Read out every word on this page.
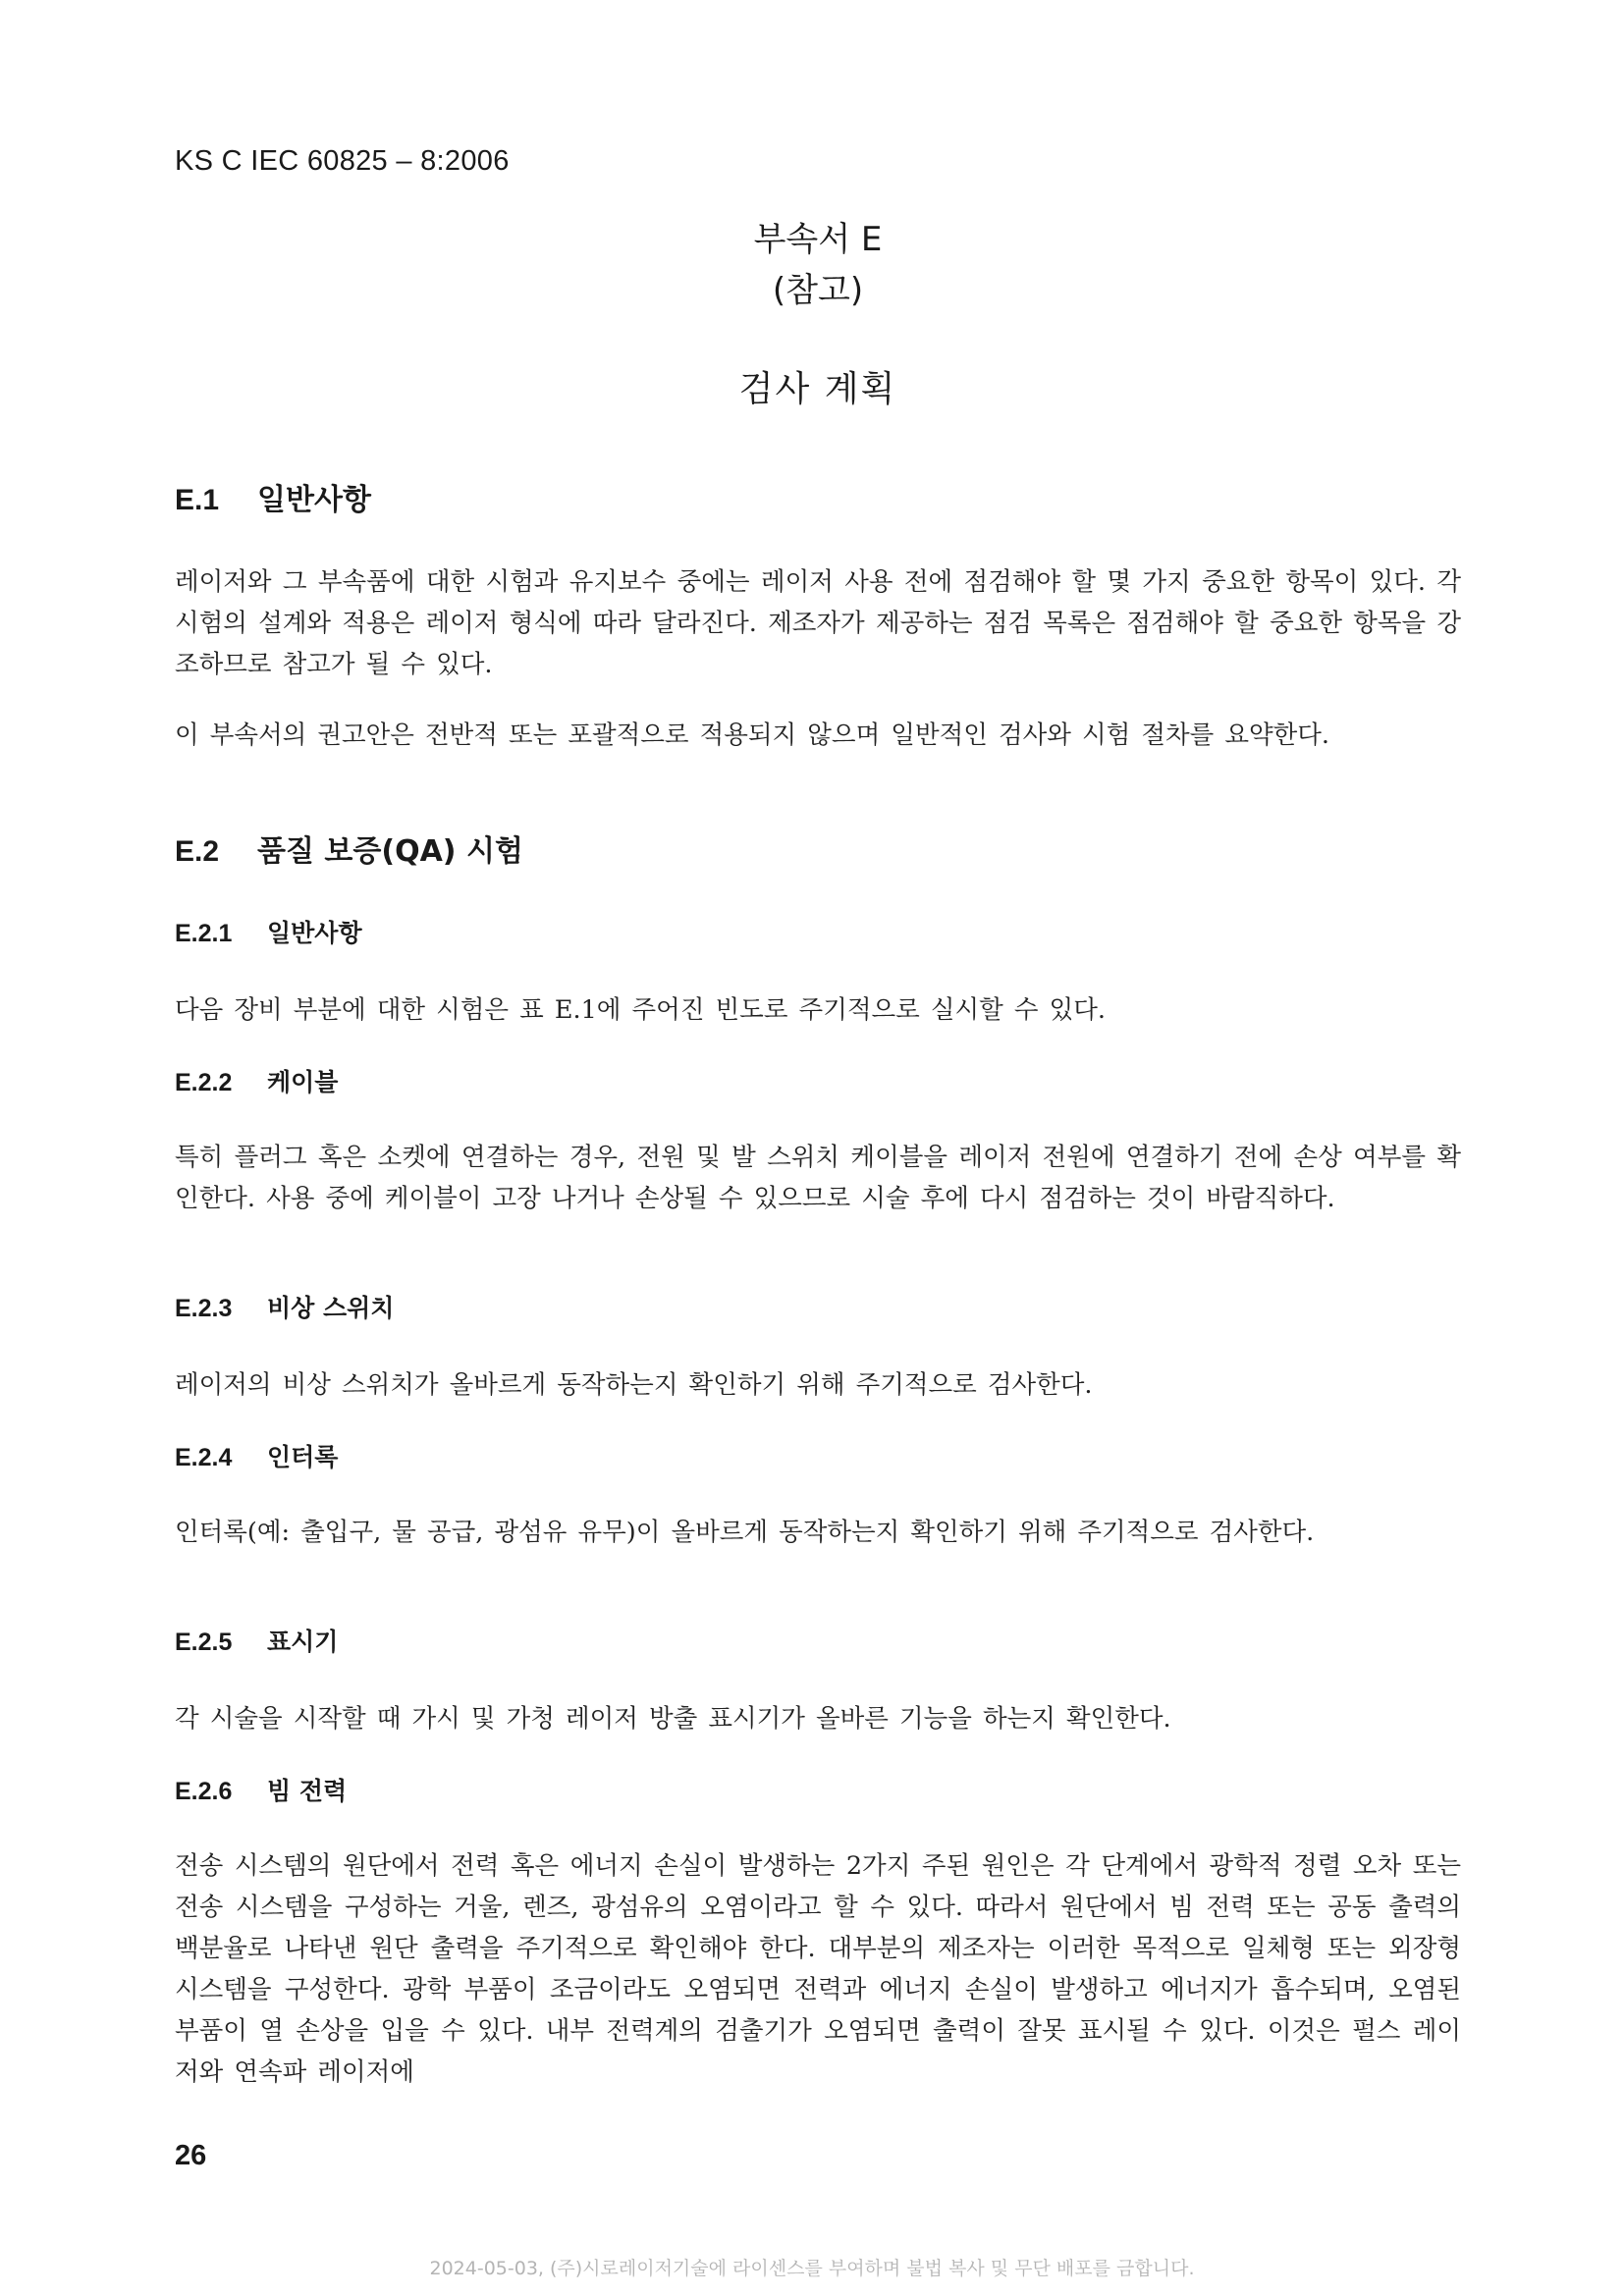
KS C IEC 60825 – 8:2006
부속서 E
(참고)
검사 계획
E.1 일반사항
레이저와 그 부속품에 대한 시험과 유지보수 중에는 레이저 사용 전에 점검해야 할 몇 가지 중요한 항목이 있다. 각 시험의 설계와 적용은 레이저 형식에 따라 달라진다. 제조자가 제공하는 점검 목록은 점검해야 할 중요한 항목을 강조하므로 참고가 될 수 있다.
이 부속서의 권고안은 전반적 또는 포괄적으로 적용되지 않으며 일반적인 검사와 시험 절차를 요약한다.
E.2 품질 보증(QA) 시험
E.2.1 일반사항
다음 장비 부분에 대한 시험은 표 E.1에 주어진 빈도로 주기적으로 실시할 수 있다.
E.2.2 케이블
특히 플러그 혹은 소켓에 연결하는 경우, 전원 및 발 스위치 케이블을 레이저 전원에 연결하기 전에 손상 여부를 확인한다. 사용 중에 케이블이 고장 나거나 손상될 수 있으므로 시술 후에 다시 점검하는 것이 바람직하다.
E.2.3 비상 스위치
레이저의 비상 스위치가 올바르게 동작하는지 확인하기 위해 주기적으로 검사한다.
E.2.4 인터록
인터록(예: 출입구, 물 공급, 광섬유 유무)이 올바르게 동작하는지 확인하기 위해 주기적으로 검사한다.
E.2.5 표시기
각 시술을 시작할 때 가시 및 가청 레이저 방출 표시기가 올바른 기능을 하는지 확인한다.
E.2.6 빔 전력
전송 시스템의 원단에서 전력 혹은 에너지 손실이 발생하는 2가지 주된 원인은 각 단계에서 광학적 정렬 오차 또는 전송 시스템을 구성하는 거울, 렌즈, 광섬유의 오염이라고 할 수 있다. 따라서 원단에서 빔 전력 또는 공동 출력의 백분율로 나타낸 원단 출력을 주기적으로 확인해야 한다. 대부분의 제조자는 이러한 목적으로 일체형 또는 외장형 시스템을 구성한다. 광학 부품이 조금이라도 오염되면 전력과 에너지 손실이 발생하고 에너지가 흡수되며, 오염된 부품이 열 손상을 입을 수 있다. 내부 전력계의 검출기가 오염되면 출력이 잘못 표시될 수 있다. 이것은 펄스 레이저와 연속파 레이저에
26
2024-05-03, (주)시로레이저기술에 라이센스를 부여하며 불법 복사 및 무단 배포를 금합니다.
